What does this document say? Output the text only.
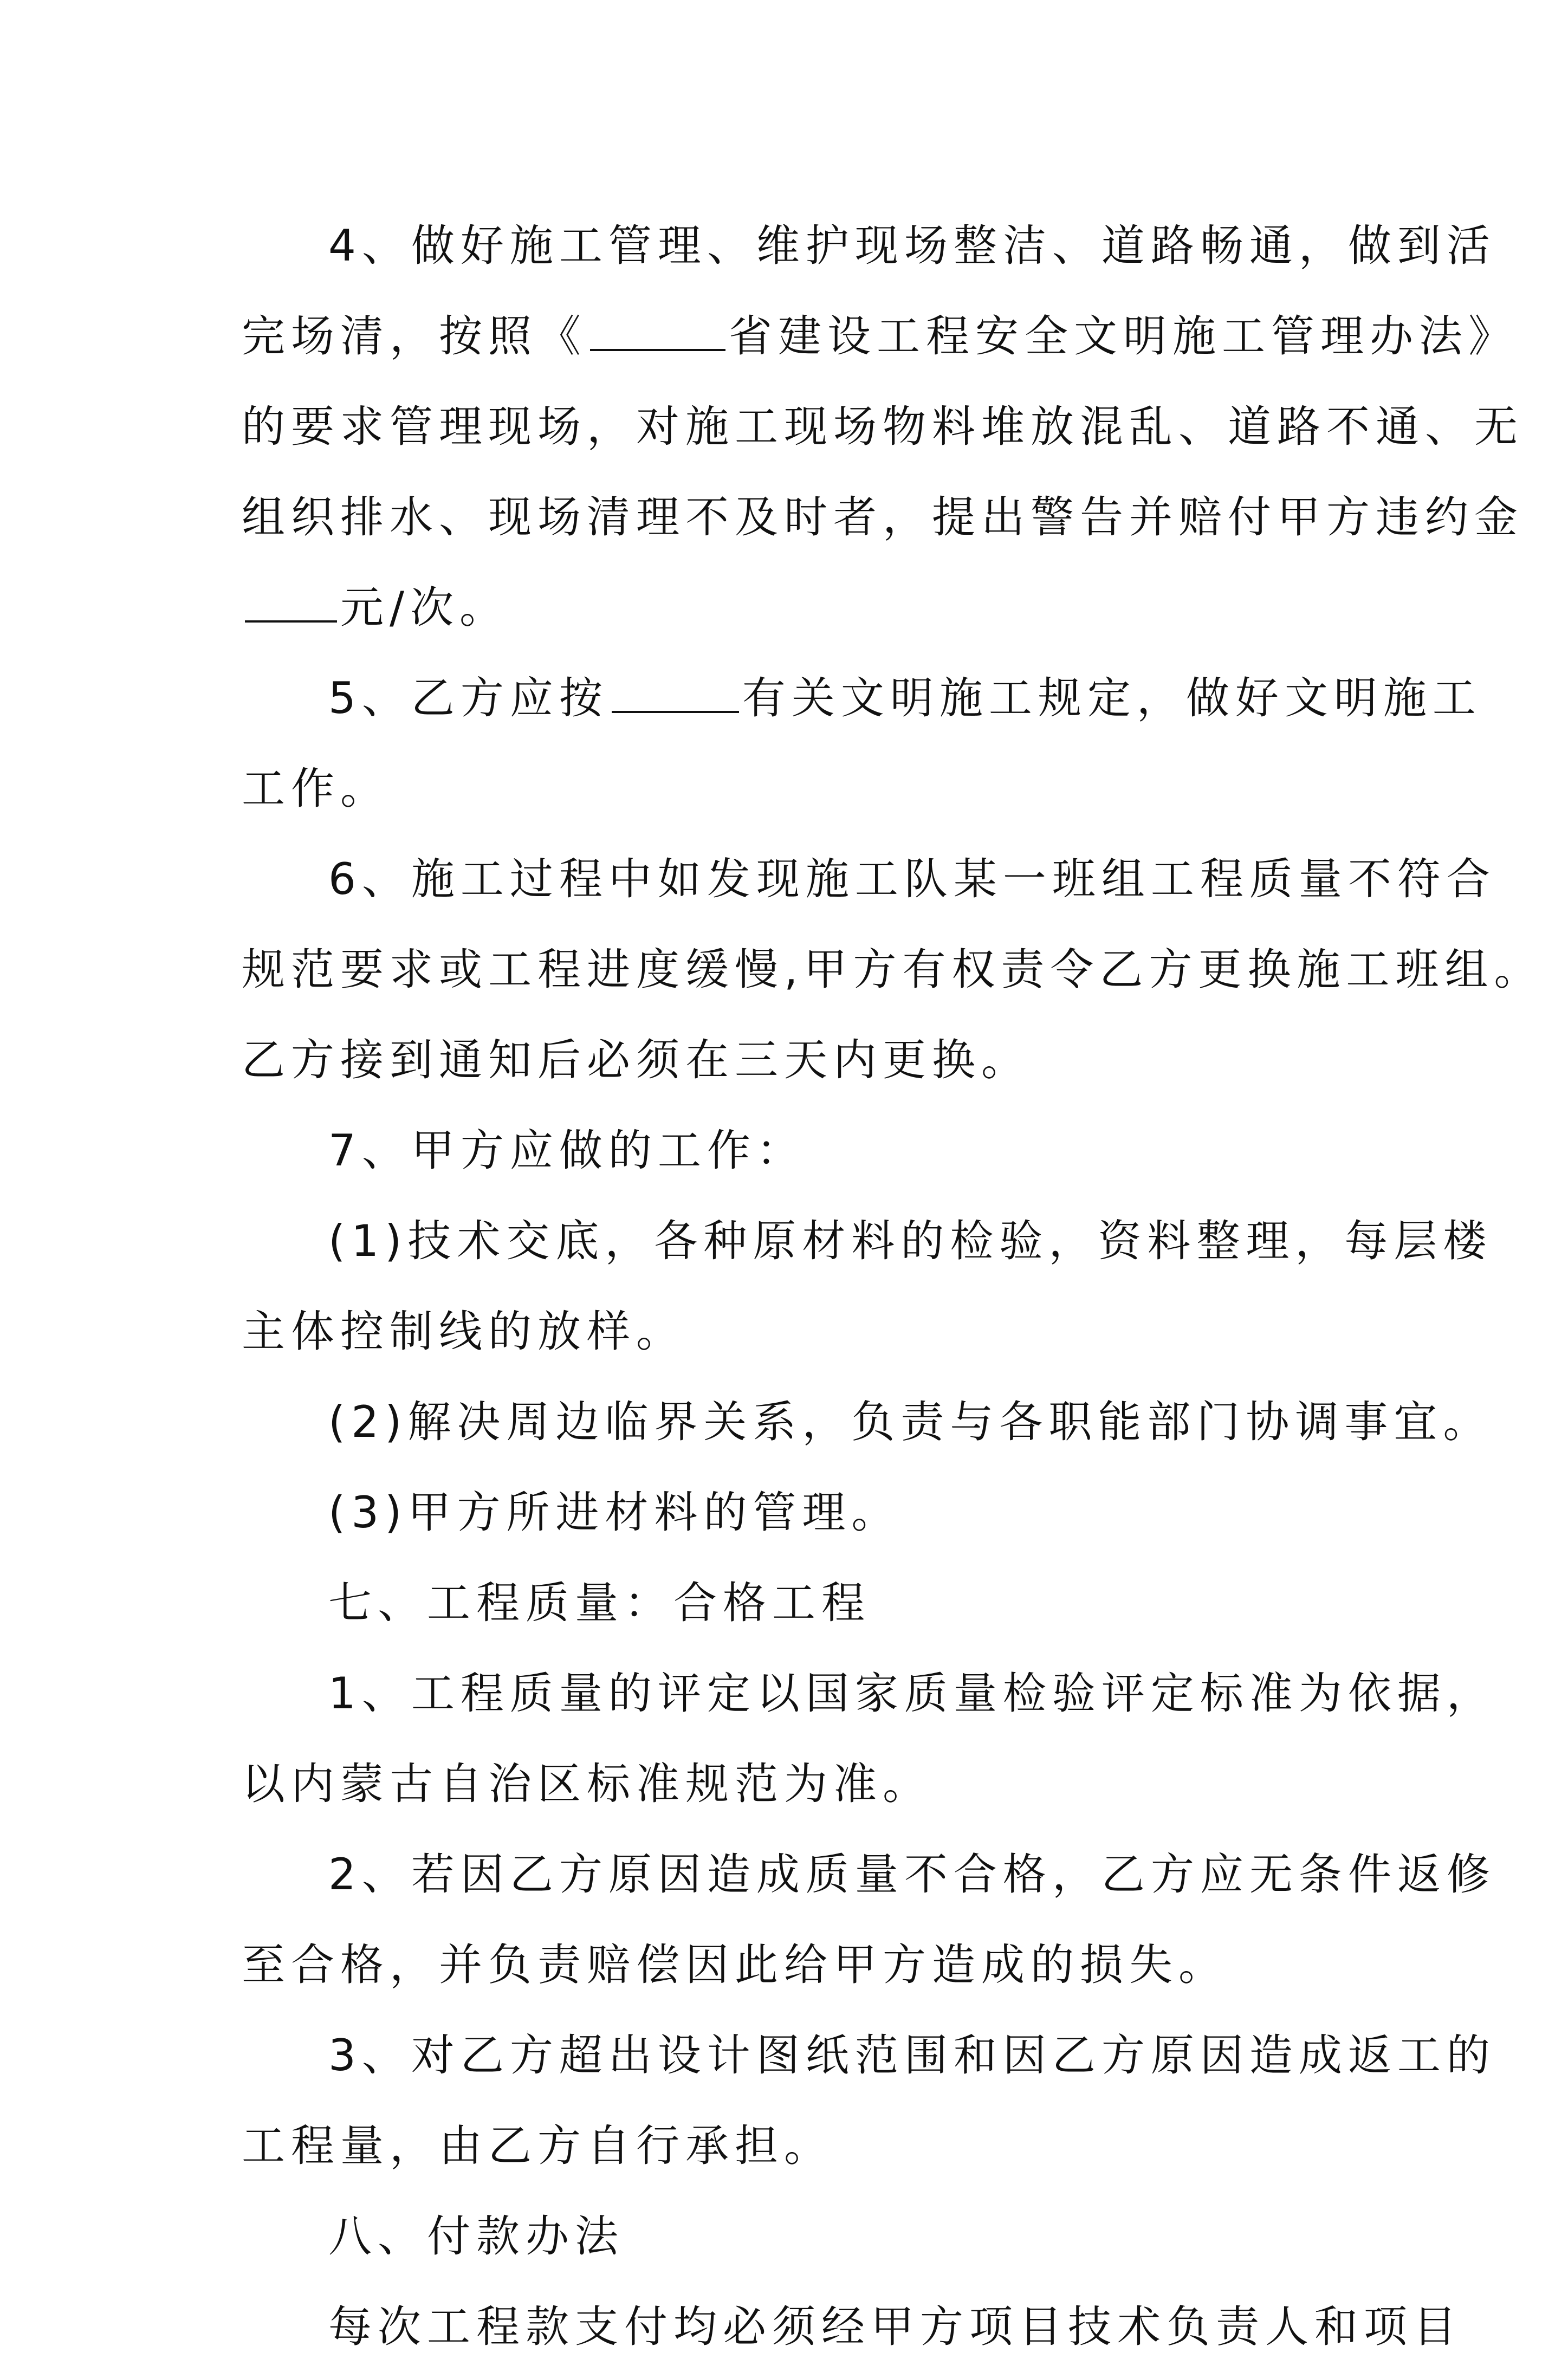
4、做好施工管理、维护现场整洁、道路畅通，做到活
完场清，按照《	省建设工程安全文明施工管理办法》
的要求管理现场，对施工现场物料堆放混乱、道路不通、无
组织排水、现场清理不及时者，提出警告并赔付甲方违约金
元/次。
5、乙方应按	有关文明施工规定，做好文明施工
工作。
6、施工过程中如发现施工队某一班组工程质量不符合
规范要求或工程进度缓慢,甲方有权责令乙方更换施工班组。
乙方接到通知后必须在三天内更换。
7、甲方应做的工作：
(1)技术交底，各种原材料的检验，资料整理，每层楼
主体控制线的放样。
(2)解决周边临界关系，负责与各职能部门协调事宜。
(3)甲方所进材料的管理。
七、工程质量：合格工程
1、工程质量的评定以国家质量检验评定标准为依据，
以内蒙古自治区标准规范为准。
2、若因乙方原因造成质量不合格，乙方应无条件返修
至合格，并负责赔偿因此给甲方造成的损失。
3、对乙方超出设计图纸范围和因乙方原因造成返工的
工程量，由乙方自行承担。
八、付款办法
每次工程款支付均必须经甲方项目技术负责人和项目
